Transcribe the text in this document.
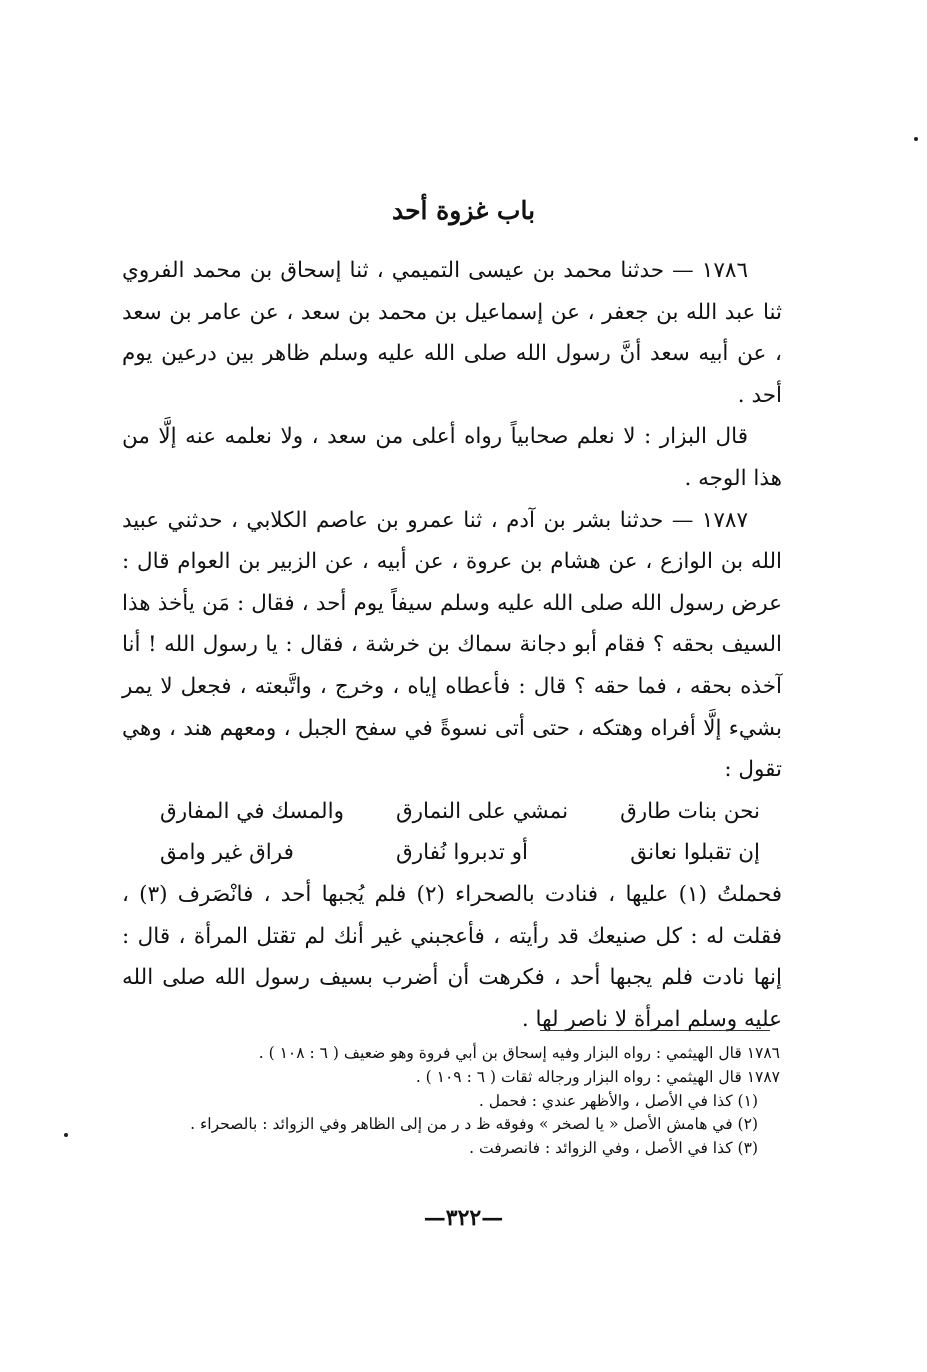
باب غزوة أحد

١٧٨٦ — حدثنا محمد بن عيسى التميمي ، ثنا إسحاق بن محمد الفروي ثنا عبد الله بن جعفر ، عن إسماعيل بن محمد بن سعد ، عن عامر بن سعد ، عن أبيه سعد أنَّ رسول الله صلى الله عليه وسلم ظاهر بين درعين يوم أحد .

قال البزار : لا نعلم صحابياً رواه أعلى من سعد ، ولا نعلمه عنه إلَّا من هذا الوجه .

١٧٨٧ — حدثنا بشر بن آدم ، ثنا عمرو بن عاصم الكلابي ، حدثني عبيد الله بن الوازع ، عن هشام بن عروة ، عن أبيه ، عن الزبير بن العوام قال : عرض رسول الله صلى الله عليه وسلم سيفاً يوم أحد ، فقال : مَن يأخذ هذا السيف بحقه ؟ فقام أبو دجانة سماك بن خرشة ، فقال : يا رسول الله ! أنا آخذه بحقه ، فما حقه ؟ قال : فأعطاه إياه ، وخرج ، واتَّبعته ، فجعل لا يمر بشيء إلَّا أفراه وهتكه ، حتى أتى نسوةً في سفح الجبل ، ومعهم هند ، وهي تقول :

نحن بنات طارق
نمشي على النمارق
والمسك في المفارق
إن تقبلوا نعانق
أو تدبروا نُفارق
فراق غير وامق

فحملتُ (١) عليها ، فنادت بالصحراء (٢) فلم يُجبها أحد ، فانْصَرف (٣) ، فقلت له : كل صنيعك قد رأيته ، فأعجبني غير أنك لم تقتل المرأة ، قال : إنها نادت فلم يجبها أحد ، فكرهت أن أضرب بسيف رسول الله صلى الله عليه وسلم امرأة لا ناصر لها .

١٧٨٦ قال الهيثمي : رواه البزار وفيه إسحاق بن أبي فروة وهو ضعيف ( ٦ : ١٠٨ ) .
١٧٨٧ قال الهيثمي : رواه البزار ورجاله ثقات ( ٦ : ١٠٩ ) .
(١) كذا في الأصل ، والأظهر عندي : فحمل .
(٢) في هامش الأصل « يا لصخر » وفوقه ظ د ر من إلى الظاهر وفي الزوائد : بالصحراء .
(٣) كذا في الأصل ، وفي الزوائد : فانصرفت .
—٣٢٢—
